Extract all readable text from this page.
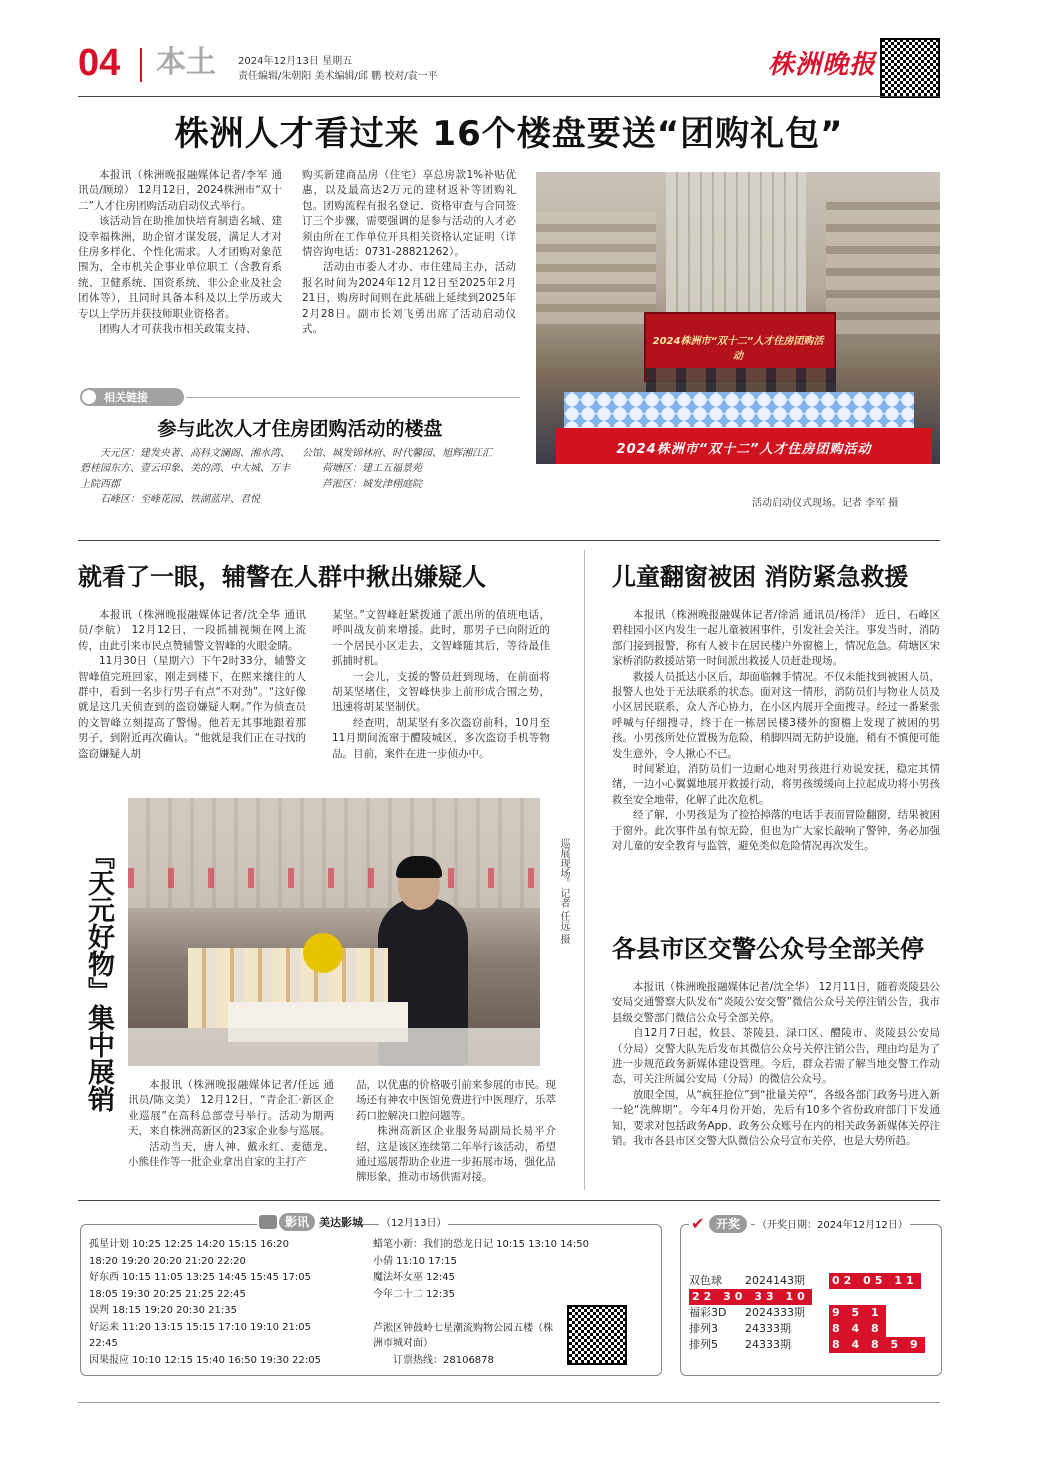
04 本土 2024年12月13日 星期五
责任编辑/朱朝阳 美术编辑/邱 鹏 校对/袁一平	株洲晚报
株洲人才看过来 16个楼盘要送“团购礼包”

本报讯（株洲晚报融媒体记者/李军 通讯员/顾琼） 12月12日，2024株洲市“双十二”人才住房团购活动启动仪式举行。

该活动旨在助推加快培育制造名城、建设幸福株洲，助企留才谋发展，满足人才对住房多样化、个性化需求。人才团购对象范围为，全市机关企事业单位职工（含教育系统、卫健系统、国资系统、非公企业及社会团体等），且同时具备本科及以上学历或大专以上学历并获技师职业资格者。

团购人才可获我市相关政策支持、

购买新建商品房（住宅）享总房款1%补贴优惠，以及最高达2万元的建材返补等团购礼包。团购流程有报名登记、资格审查与合同签订三个步骤，需要强调的是参与活动的人才必须由所在工作单位开具相关资格认定证明（详情咨询电话：0731-28821262）。

活动由市委人才办、市住建局主办，活动报名时间为2024年12月12日至2025年2月21日，购房时间则在此基础上延续到2025年2月28日。副市长刘飞勇出席了活动启动仪式。

2024株洲市“双十二”人才住房团购活动
2024株洲市“双十二”人才住房团购活动
活动启动仪式现场。记者 李军 摄
相关链接
参与此次人才住房团购活动的楼盘

天元区：建发央著、高科文澜阁、湘水湾、碧桂园东方、壹云印象、美的湾、中大城、万丰上院西郡

石峰区：至峰花园、铁湖蓝岸、君悦

公馆、城发锦林府、时代馨园、旭辉湘江汇

荷塘区：建工五福景苑

芦淞区：城发津栩庭院

就看了一眼，辅警在人群中揪出嫌疑人

本报讯（株洲晚报融媒体记者/沈全华 通讯员/李航） 12月12日，一段抓捕视频在网上流传，由此引来市民点赞辅警文智峰的火眼金睛。

11月30日（星期六）下午2时33分，辅警文智峰值完班回家，刚走到楼下，在熙来攘往的人群中，看到一名步行男子有点“不对劲”。“这好像就是这几天侦查到的盗窃嫌疑人啊。”作为侦查员的文智峰立刻提高了警惕。他若无其事地跟着那男子，到附近再次确认。“他就是我们正在寻找的盗窃嫌疑人胡

某坚。”文智峰赶紧拨通了派出所的值班电话，呼叫战友前来增援。此时，那男子已向附近的一个居民小区走去，文智峰随其后，等待最佳抓捕时机。

一会儿，支援的警员赶到现场，在前面将胡某坚堵住，文智峰快步上前形成合围之势，迅速将胡某坚制伏。

经查明，胡某坚有多次盗窃前科，10月至11月期间流窜于醴陵城区，多次盗窃手机等物品。目前，案件在进一步侦办中。

『天元好物』集中展销	巡展现场。记者 任远 摄

本报讯（株洲晚报融媒体记者/任远 通讯员/陈文美） 12月12日，“青企汇·新区企业巡展”在高科总部壹号举行。活动为期两天，来自株洲高新区的23家企业参与巡展。

活动当天，唐人神、戴永红、麦德龙、小熊佳作等一批企业拿出自家的主打产

品，以优惠的价格吸引前来参展的市民。现场还有神农中医馆免费进行中医理疗，乐萃药口腔解决口腔问题等。

株洲高新区企业服务局副局长易平介绍，这是该区连续第二年举行该活动，希望通过巡展帮助企业进一步拓展市场，强化品牌形象，推动市场供需对接。

儿童翻窗被困 消防紧急救援

本报讯（株洲晚报融媒体记者/徐滔 通讯员/杨洋） 近日，石峰区碧桂园小区内发生一起儿童被困事件，引发社会关注。事发当时，消防部门接到报警，称有人被卡在居民楼户外窗檐上，情况危急。荷塘区宋家桥消防救援站第一时间派出救援人员赶赴现场。

救援人员抵达小区后，却面临棘手情况。不仅未能找到被困人员，报警人也处于无法联系的状态。面对这一情形，消防员们与物业人员及小区居民联系，众人齐心协力，在小区内展开全面搜寻。经过一番紧张呼喊与仔细搜寻，终于在一栋居民楼3楼外的窗檐上发现了被困的男孩。小男孩所处位置极为危险，稍脚四周无防护设施，稍有不慎便可能发生意外，令人揪心不已。

时间紧迫，消防员们一边耐心地对男孩进行劝说安抚，稳定其情绪，一边小心翼翼地展开救援行动，将男孩缓缓向上拉起成功将小男孩救至安全地带，化解了此次危机。

经了解，小男孩是为了捡拾掉落的电话手表而冒险翻窗，结果被困于窗外。此次事件虽有惊无险，但也为广大家长敲响了警钟，务必加强对儿童的安全教育与监管，避免类似危险情况再次发生。

各县市区交警公众号全部关停

本报讯（株洲晚报融媒体记者/沈全华） 12月11日，随着炎陵县公安局交通警察大队发布“炎陵公安交警”微信公众号关停注销公告，我市县级交警部门微信公众号全部关停。

自12月7日起，攸县、茶陵县、渌口区、醴陵市、炎陵县公安局（分局）交警大队先后发布其微信公众号关停注销公告，理由均是为了进一步规范政务新媒体建设管理。今后，群众若需了解当地交警工作动态，可关注所属公安局（分局）的微信公众号。

放眼全国，从“疯狂抢位”到“批量关停”，各级各部门政务号进入新一轮“洗牌期”。今年4月份开始，先后有10多个省份政府部门下发通知，要求对包括政务App、政务公众账号在内的相关政务新媒体关停注销。我市各县市区交警大队微信公众号宣布关停，也是大势所趋。

影讯 美达影城 （12月13日）
孤星计划 10:25 12:25 14:20 15:15 16:20
18:20 19:20 20:20 21:20 22:20
好东西 10:15 11:05 13:25 14:45 15:45 17:05
18:05 19:30 20:25 21:25 22:45
误判 18:15 19:20 20:30 21:35
好运来 11:20 13:15 15:15 17:10 19:10 21:05
22:45
因果报应 10:10 12:15 15:40 16:50 19:30 22:05
蜡笔小新：我们的恐龙日记 10:15 13:10 14:50
小倩 11:10 17:15
魔法坏女巫 12:45
今年二十二 12:35
芦淞区钟鼓岭七星潮流购物公园五楼（株洲市城对面）
订票热线：28106878
✔ 开奖	（开奖日期：2024年12月12日）
双色球 2024143期 02 05 11
22 30 33 10
福彩3D 2024333期 9 5 1
排列3 24333期	8 4 8
排列5 24333期	8 4 8 5 9
